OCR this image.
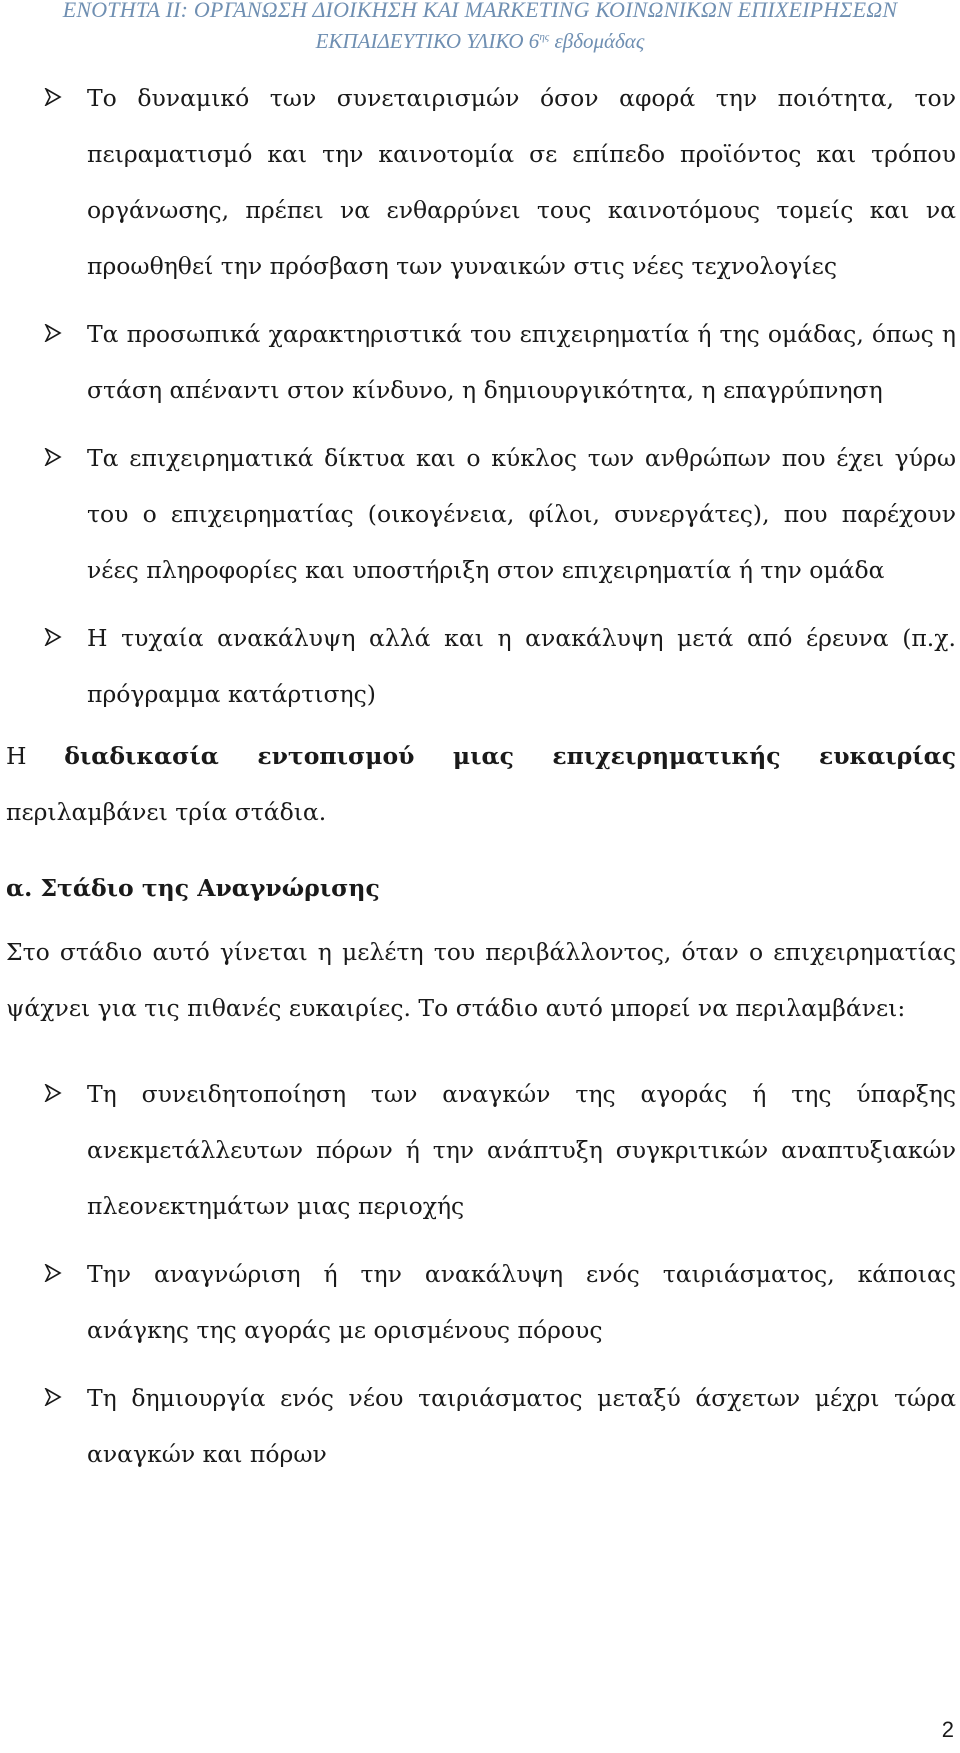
ΕΝΟΤΗΤΑ ΙΙ: ΟΡΓΑΝΩΣΗ ΔΙΟΙΚΗΣΗ ΚΑΙ MARKETING ΚΟΙΝΩΝΙΚΩΝ ΕΠΙΧΕΙΡΗΣΕΩΝ
ΕΚΠΑΙΔΕΥΤΙΚΟ ΥΛΙΚΟ $6^{\eta\varsigma}$ εβδομάδας
Το δυναμικό των συνεταιρισμών όσον αφορά την ποιότητα, τον πειραματισμό και την καινοτομία σε επίπεδο προϊόντος και τρόπου οργάνωσης, πρέπει να ενθαρρύνει τους καινοτόμους τομείς και να προωθηθεί την πρόσβαση των γυναικών στις νέες τεχνολογίες
Τα προσωπικά χαρακτηριστικά του επιχειρηματία ή της ομάδας, όπως η στάση απέναντι στον κίνδυνο, η δημιουργικότητα, η επαγρύπνηση
Τα επιχειρηματικά δίκτυα και ο κύκλος των ανθρώπων που έχει γύρω του ο επιχειρηματίας (οικογένεια, φίλοι, συνεργάτες), που παρέχουν νέες πληροφορίες και υποστήριξη στον επιχειρηματία ή την ομάδα
Η τυχαία ανακάλυψη αλλά και η ανακάλυψη μετά από έρευνα (π.χ. πρόγραμμα κατάρτισης)

Η διαδικασία εντοπισμού μιας επιχειρηματικής ευκαιρίας περιλαμβάνει τρία στάδια.

α. Στάδιο της Αναγνώρισης

Στο στάδιο αυτό γίνεται η μελέτη του περιβάλλοντος, όταν ο επιχειρηματίας ψάχνει για τις πιθανές ευκαιρίες. Το στάδιο αυτό μπορεί να περιλαμβάνει:

Τη συνειδητοποίηση των αναγκών της αγοράς ή της ύπαρξης ανεκμετάλλευτων πόρων ή την ανάπτυξη συγκριτικών αναπτυξιακών πλεονεκτημάτων μιας περιοχής
Την αναγνώριση ή την ανακάλυψη ενός ταιριάσματος, κάποιας ανάγκης της αγοράς με ορισμένους πόρους
Τη δημιουργία ενός νέου ταιριάσματος μεταξύ άσχετων μέχρι τώρα αναγκών και πόρων
2
